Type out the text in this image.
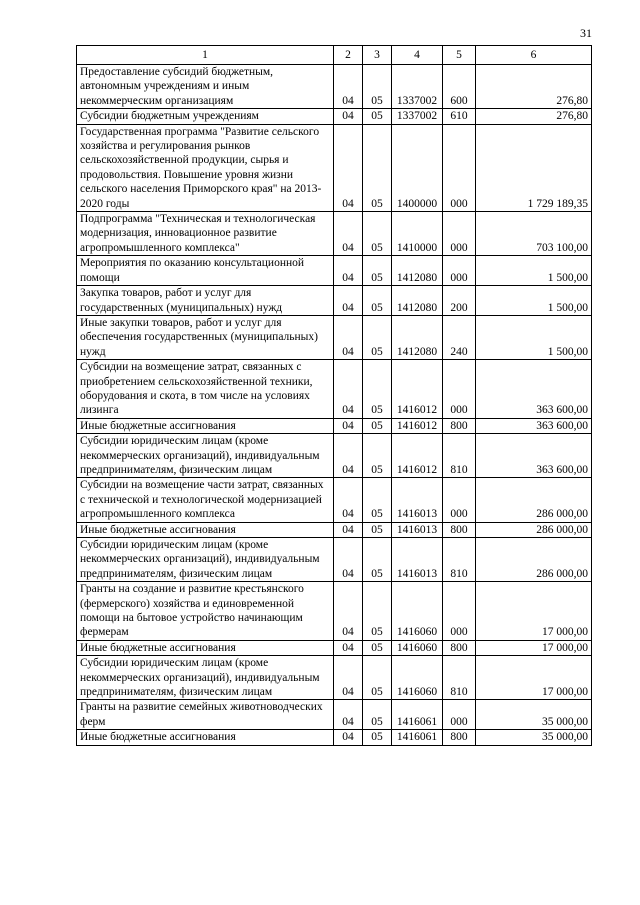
31
1	2	3	4	5	6
Предоставление субсидий бюджетным, автономным учреждениям и иным некоммерческим организациям	04	05	1337002	600	276,80
Субсидии бюджетным учреждениям	04	05	1337002	610	276,80
Государственная программа "Развитие сельского хозяйства и регулирования рынков сельскохозяйственной продукции, сырья и продовольствия. Повышение уровня жизни сельского населения Приморского края" на 2013-2020 годы	04	05	1400000	000	1 729 189,35
Подпрограмма "Техническая и технологическая модернизация, инновационное развитие агропромышленного комплекса"	04	05	1410000	000	703 100,00
Мероприятия по оказанию консультационной помощи	04	05	1412080	000	1 500,00
Закупка товаров, работ и услуг для государственных (муниципальных) нужд	04	05	1412080	200	1 500,00
Иные закупки товаров, работ и услуг для обеспечения государственных (муниципальных) нужд	04	05	1412080	240	1 500,00
Субсидии на возмещение затрат, связанных с приобретением сельскохозяйственной техники, оборудования и скота, в том числе на условиях лизинга	04	05	1416012	000	363 600,00
Иные бюджетные ассигнования	04	05	1416012	800	363 600,00
Субсидии юридическим лицам (кроме некоммерческих организаций), индивидуальным предпринимателям, физическим лицам	04	05	1416012	810	363 600,00
Субсидии на возмещение части затрат, связанных с технической и технологической модернизацией агропромышленного комплекса	04	05	1416013	000	286 000,00
Иные бюджетные ассигнования	04	05	1416013	800	286 000,00
Субсидии юридическим лицам (кроме некоммерческих организаций), индивидуальным предпринимателям, физическим лицам	04	05	1416013	810	286 000,00
Гранты на создание и развитие крестьянского (фермерского) хозяйства и единовременной помощи на бытовое устройство начинающим фермерам	04	05	1416060	000	17 000,00
Иные бюджетные ассигнования	04	05	1416060	800	17 000,00
Субсидии юридическим лицам (кроме некоммерческих организаций), индивидуальным предпринимателям, физическим лицам	04	05	1416060	810	17 000,00
Гранты на развитие семейных животноводческих ферм	04	05	1416061	000	35 000,00
Иные бюджетные ассигнования	04	05	1416061	800	35 000,00
